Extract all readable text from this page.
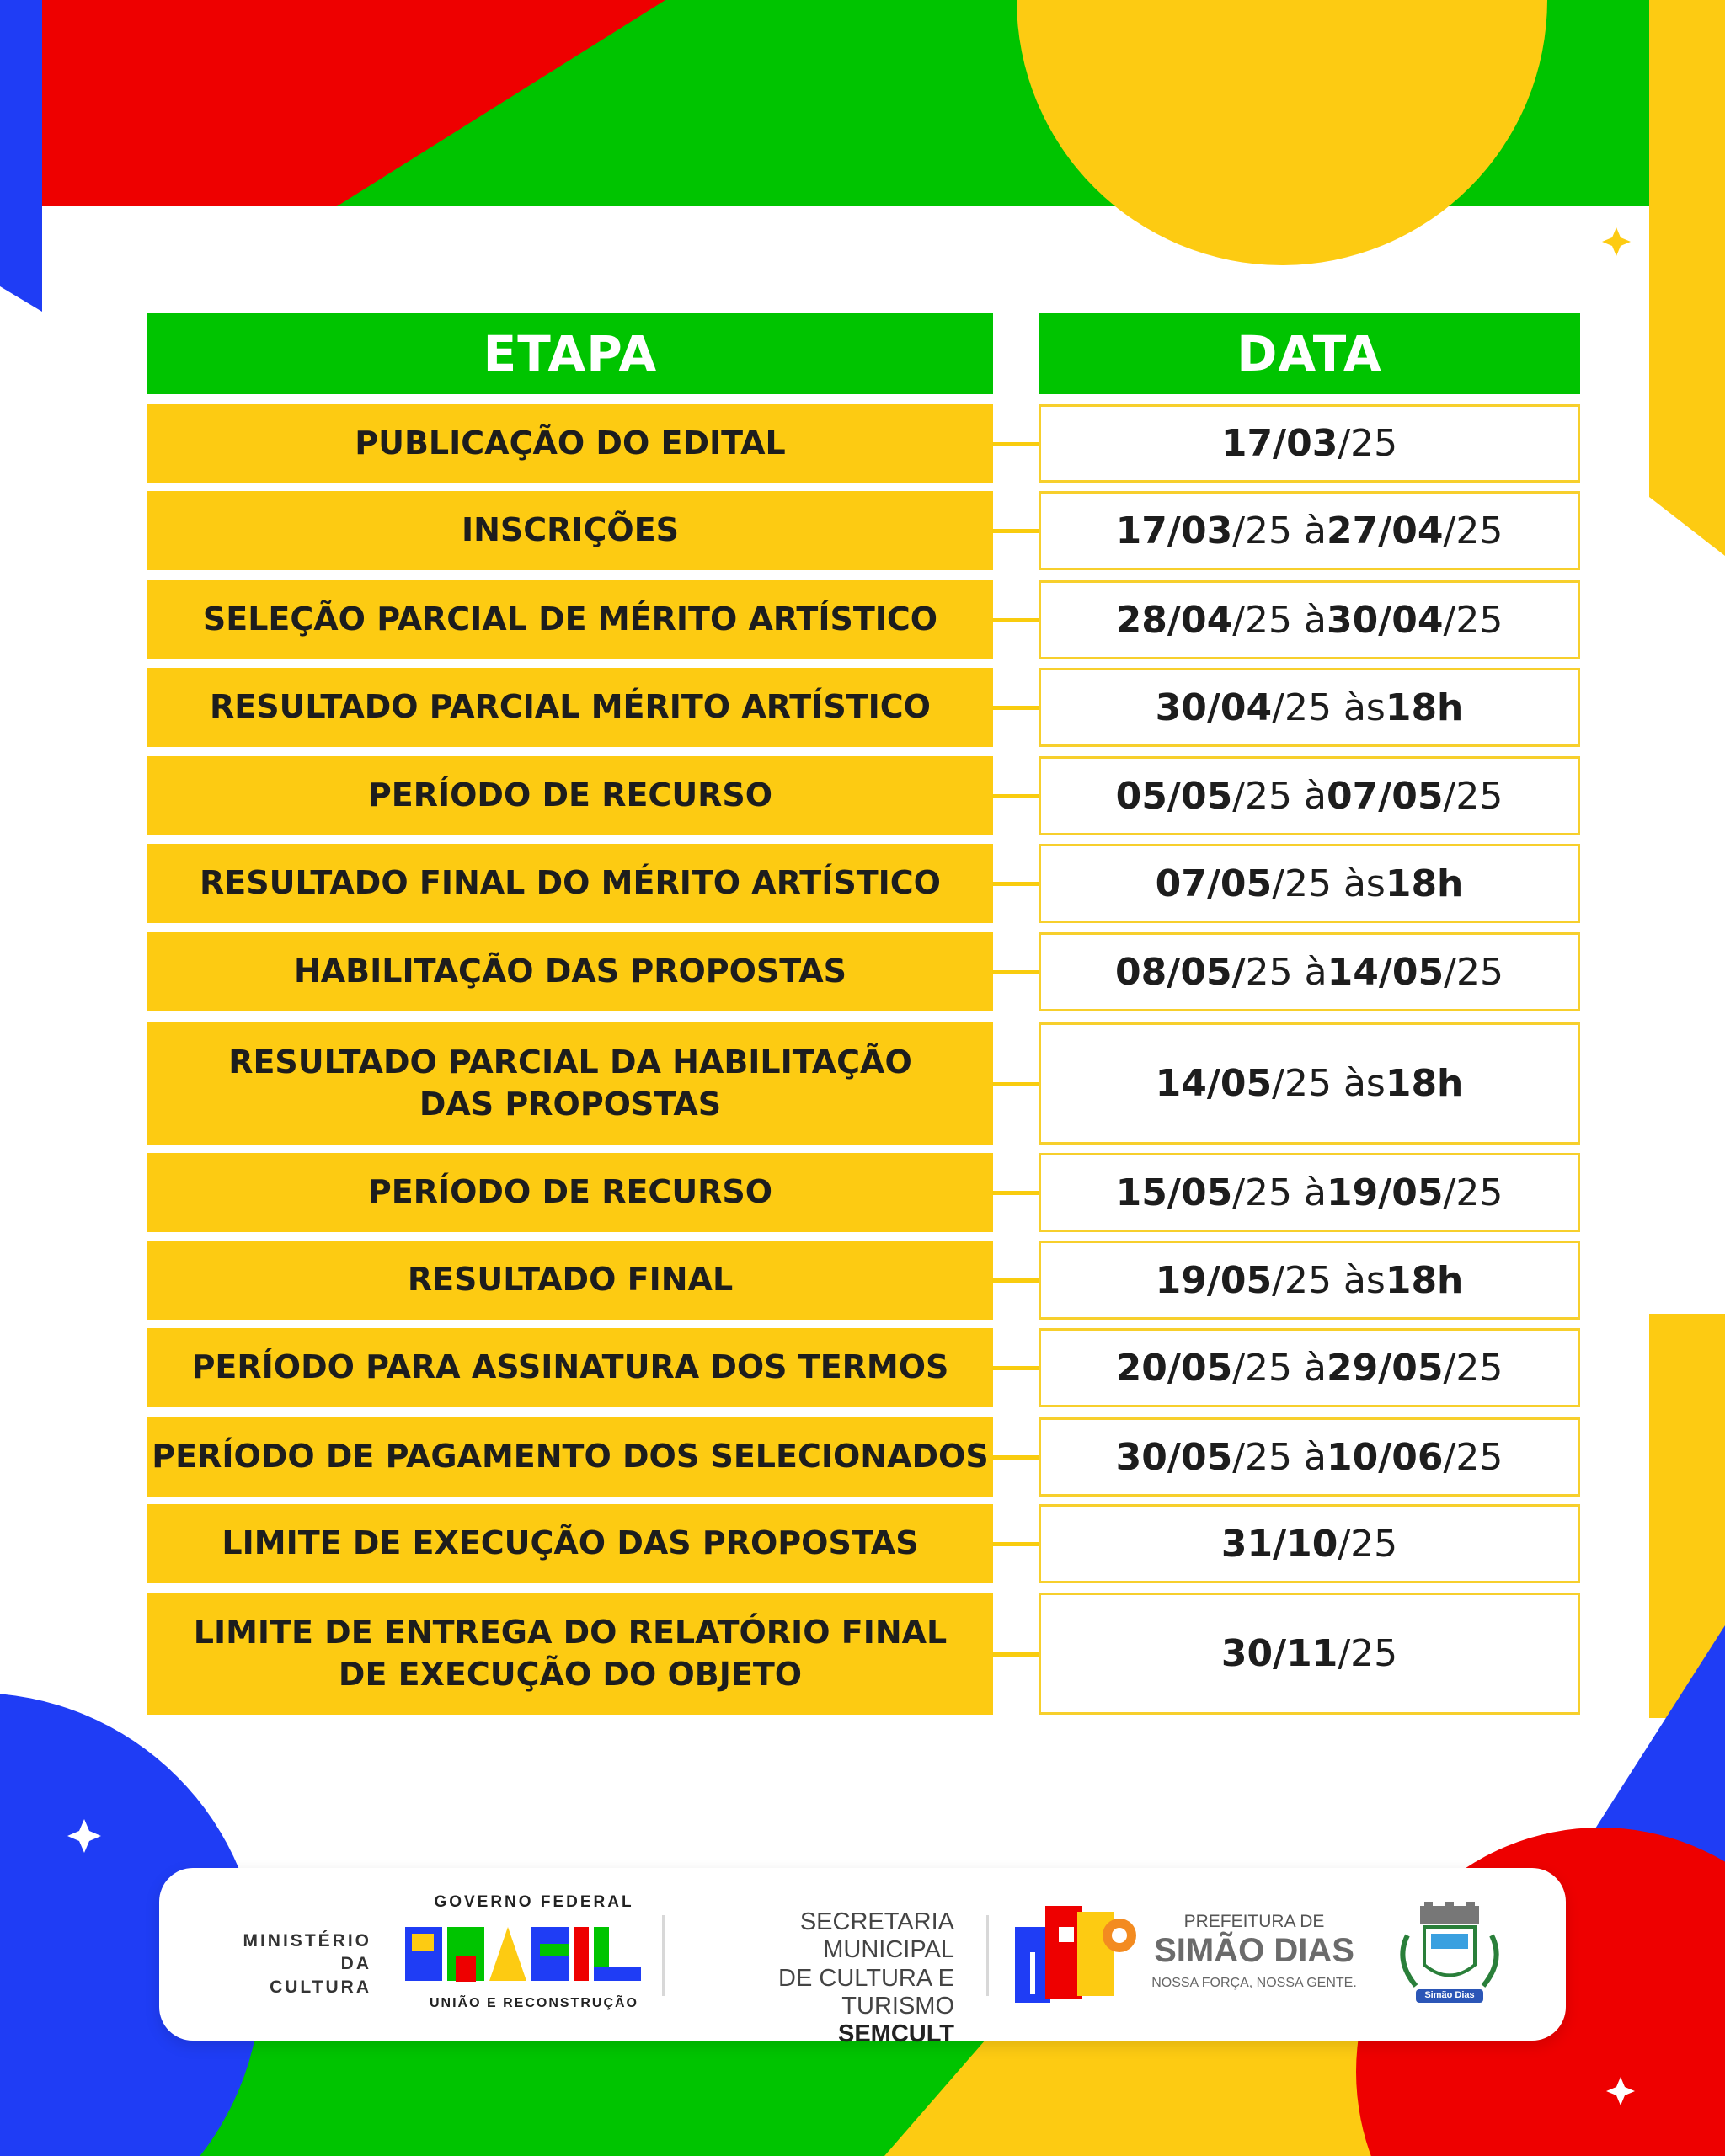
ETAPA	DATA
PUBLICAÇÃO DO EDITAL	17/03 /25
INSCRIÇÕES	17/03 /25 à 27/04 /25
SELEÇÃO PARCIAL DE MÉRITO ARTÍSTICO	28/04 /25 à 30/04 /25
RESULTADO PARCIAL MÉRITO ARTÍSTICO	30/04 /25 às 18h
PERÍODO DE RECURSO	05/05 /25 à 07/05 /25
RESULTADO FINAL DO MÉRITO ARTÍSTICO	07/05 /25 às 18h
HABILITAÇÃO DAS PROPOSTAS	08/05/ 25 à 14/05 /25
RESULTADO PARCIAL DA HABILITAÇÃO
DAS PROPOSTAS	14/05 /25 às 18h
PERÍODO DE RECURSO	15/05 /25 à 19/05 /25
RESULTADO FINAL	19/05 /25 às 18h
PERÍODO PARA ASSINATURA DOS TERMOS	20/05 /25 à 29/05 /25
PERÍODO DE PAGAMENTO DOS SELECIONADOS	30/05 /25 à 10/06 /25
LIMITE DE EXECUÇÃO DAS PROPOSTAS	31/10 /25
LIMITE DE ENTREGA DO RELATÓRIO FINAL
DE EXECUÇÃO DO OBJETO	30/11 /25
MINISTÉRIO DA
CULTURA
GOVERNO FEDERAL
UNIÃO E RECONSTRUÇÃO
SECRETARIA MUNICIPAL
DE CULTURA E TURISMO
SEMCULT
PREFEITURA DE
SIMÃO DIAS
NOSSA FORÇA, NOSSA GENTE.
Simão Dias
